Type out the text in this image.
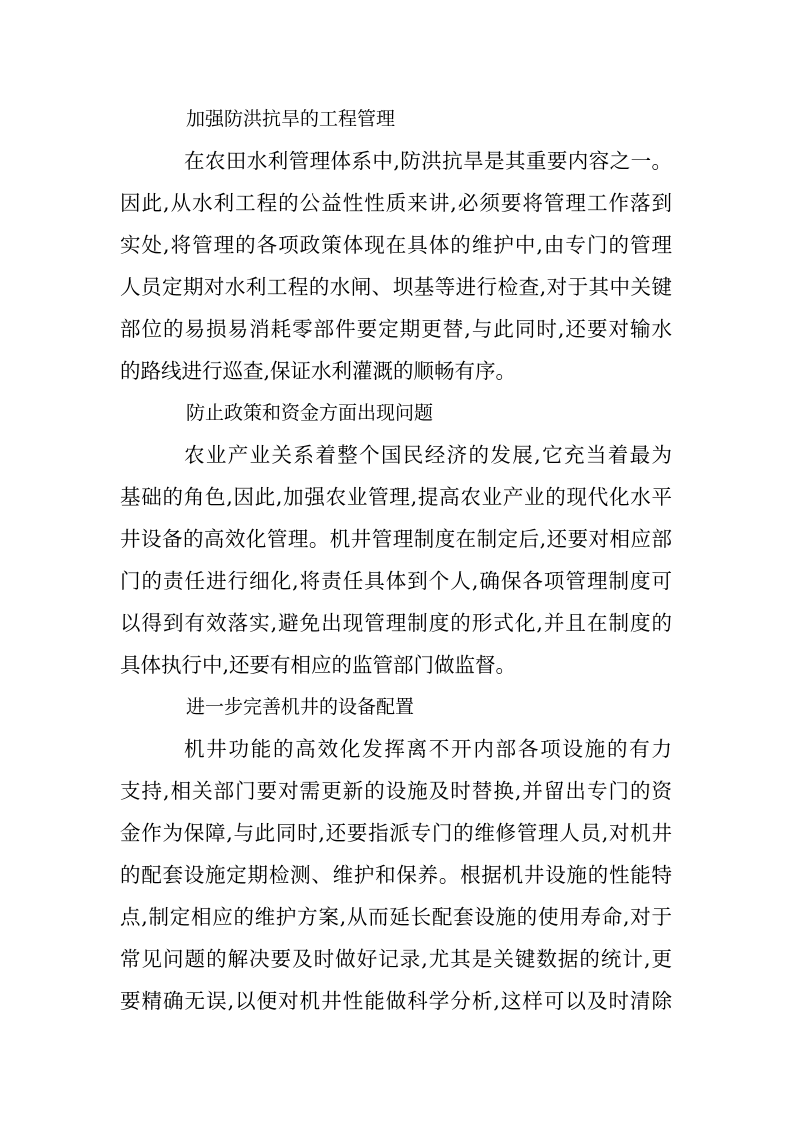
加强防洪抗旱的工程管理
在农田水利管理体系中,防洪抗旱是其重要内容之一。
因此,从水利工程的公益性性质来讲,必须要将管理工作落到
实处,将管理的各项政策体现在具体的维护中,由专门的管理
人员定期对水利工程的水闸、坝基等进行检查,对于其中关键
部位的易损易消耗零部件要定期更替,与此同时,还要对输水
的路线进行巡查,保证水利灌溉的顺畅有序。
防止政策和资金方面出现问题
农业产业关系着整个国民经济的发展,它充当着最为
基础的角色,因此,加强农业管理,提高农业产业的现代化水平
井设备的高效化管理。机井管理制度在制定后,还要对相应部
门的责任进行细化,将责任具体到个人,确保各项管理制度可
以得到有效落实,避免出现管理制度的形式化,并且在制度的
具体执行中,还要有相应的监管部门做监督。
进一步完善机井的设备配置
机井功能的高效化发挥离不开内部各项设施的有力
支持,相关部门要对需更新的设施及时替换,并留出专门的资
金作为保障,与此同时,还要指派专门的维修管理人员,对机井
的配套设施定期检测、维护和保养。根据机井设施的性能特
点,制定相应的维护方案,从而延长配套设施的使用寿命,对于
常见问题的解决要及时做好记录,尤其是关键数据的统计,更
要精确无误,以便对机井性能做科学分析,这样可以及时清除
